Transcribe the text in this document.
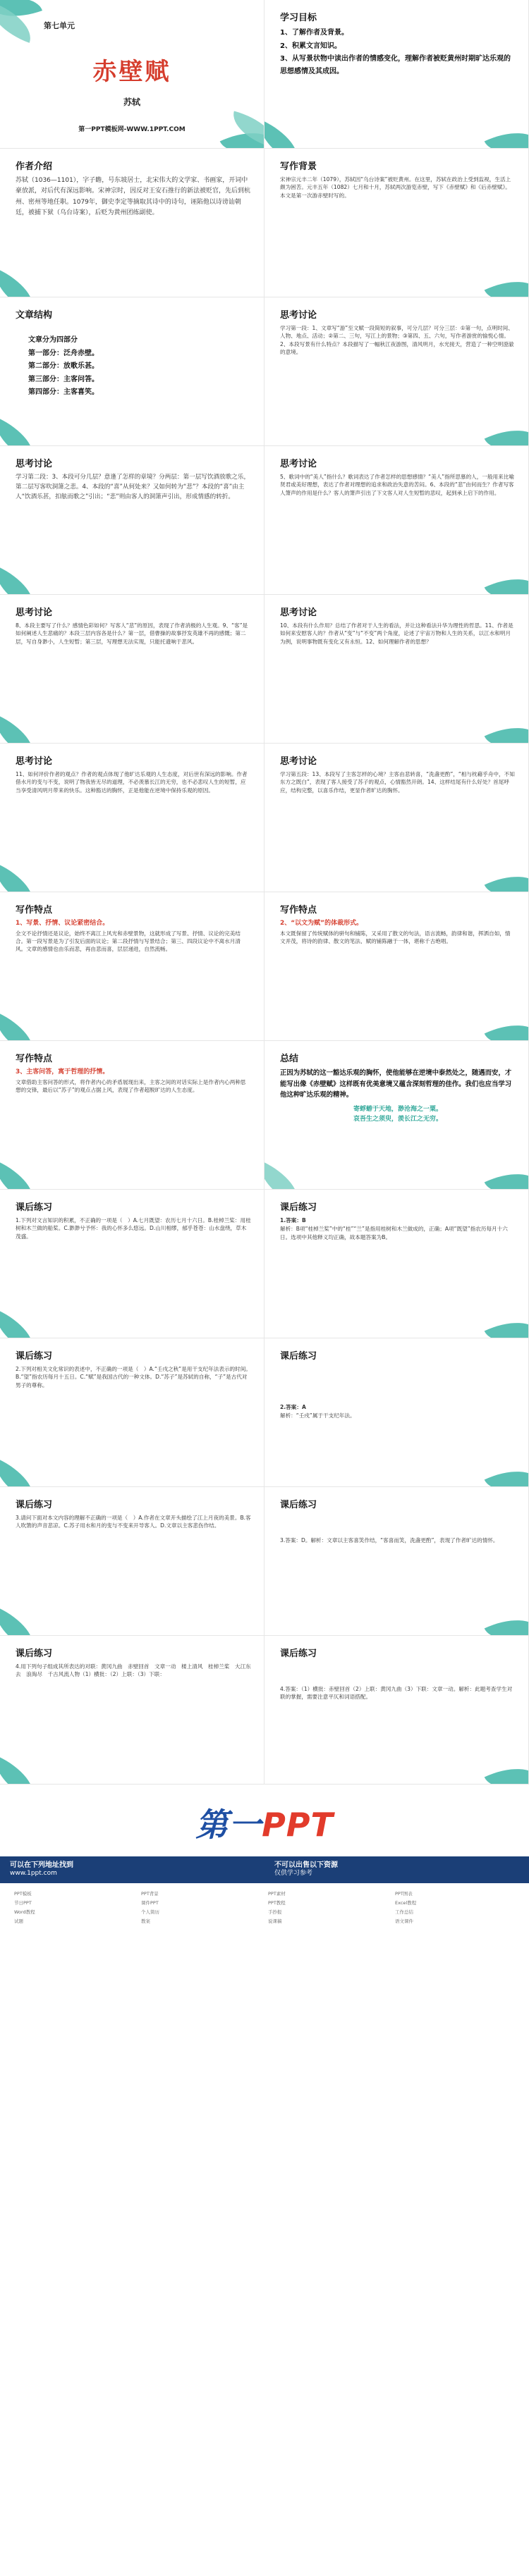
第七单元
赤壁赋
苏轼
第一PPT模板网-WWW.1PPT.COM
学习目标

1、了解作者及背景。

2、积累文言知识。

3、从写景状物中读出作者的情感变化，理解作者被贬黄州时期旷达乐观的思想感情及其成因。

作者介绍

苏轼（1036—1101），字子瞻，号东坡居士，北宋伟大的文学家、书画家，开词中豪放派，对后代有深远影响。宋神宗时，因反对王安石推行的新法被贬官，先后到杭州、密州等地任职。1079年，御史李定等摘取其诗中的诗句，诬陷他以诗谤讪朝廷，被捕下狱（乌台诗案），后贬为黄州团练副使。

写作背景

宋神宗元丰二年（1079），苏轼因“乌台诗案”被贬黄州。在这里，苏轼在政治上受到监视，生活上颇为困苦。元丰五年（1082）七月和十月，苏轼两次游览赤壁，写下《赤壁赋》和《后赤壁赋》。本文是第一次游赤壁时写的。

文章结构

文章分为四部分

第一部分：泛舟赤壁。

第二部分：放歌乐甚。

第三部分：主客问答。

第四部分：主客喜笑。

思考讨论

学习第一段：1、文章写“游”至文赋一段简短的叙事，可分几层？可分三层：①第一句，点明时间、人物、地点、活动；②第二、三句，写江上的景物；③第四、五、六句，写作者游赏的愉悦心情。2、本段写景有什么特点？本段描写了一幅秋江夜游图，清风明月，水光接天，营造了一种空明澄澈的意境。

思考讨论

学习第二段：3、本段可分几层？意逢了怎样的章境？分两层：第一层写饮酒放歌之乐，第二层写客吹洞箫之悲。4、本段的“喜”从何处来？又如何转为“悲”？本段的“喜”由主人“饮酒乐甚，扣舷而歌之”引出；“悲”则由客人的洞箫声引出，形成情感的转折。

思考讨论

5、歌词中的“美人”指什么？歌词表达了作者怎样的思想感情？“美人”指所思慕的人，一般用来比喻贤君或美好理想，表达了作者对理想的追求和政治失意的苦闷。6、本段的“悲”由何而生？作者写客人箫声的作用是什么？客人的箫声引出了下文客人对人生短暂的悲叹，起到承上启下的作用。

思考讨论

8、本段主要写了什么？感情色彩如何？写客人“悲”的原因，表现了作者消极的人生观。9、“客”是如何阐述人生悲痛的？本段三层内容各是什么？第一层，借曹操的故事抒发英雄不再的感慨；第二层，写自身渺小，人生短暂；第三层，写理想无法实现，只能托遗响于悲风。

思考讨论

10、本段有什么作用？总结了作者对于人生的看法，并让这种看法升华为理性的哲思。11、作者是如何来安慰客人的？作者从“变”与“不变”两个角度，论述了宇宙万物和人生的关系，以江水和明月为例，说明事物既有变化又有永恒。12、如何理解作者的思想？

思考讨论

11、如何评价作者的观点？作者的观点体现了他旷达乐观的人生态度，对后世有深远的影响。作者借水月的变与不变，说明了物我皆无尽的道理，不必羡慕长江的无穷，也不必悲叹人生的短暂，应当享受清风明月带来的快乐。这种豁达的胸怀，正是他能在逆境中保持乐观的原因。

思考讨论

学习第五段：13、本段写了主客怎样的心境？主客由悲转喜，“洗盏更酌”，“相与枕藉乎舟中，不知东方之既白”，表现了客人接受了苏子的观点，心情豁然开朗。14、这样结尾有什么好处？首尾呼应，结构完整，以喜乐作结，更显作者旷达的胸怀。

写作特点

1、写景、抒情、议论紧密结合。

全文不论抒情还是议论，始终不离江上风光和赤壁景物，这就形成了写景、抒情、议论的完美结合。第一段写景是为了引发后面的议论；第二段抒情与写景结合；第三、四段议论中不离水月清风。文章的感情也由乐而悲，再由悲而喜，层层递进，自然流畅。

写作特点

2、“以文为赋”的体裁形式。

本文既保留了传统赋体的骈句和铺陈，又采用了散文的句法，语言流畅，韵律和谐，挥洒自如，情文并茂，将诗的韵律、散文的笔法、赋的铺陈融于一体，堪称千古绝唱。

写作特点

3、主客问答，寓于哲理的抒情。

文章借助主客问答的形式，将作者内心的矛盾展现出来，主客之间的对话实际上是作者内心两种思想的交锋，最后以“苏子”的观点占据上风，表现了作者超脱旷达的人生态度。

总结

正因为苏轼的这一豁达乐观的胸怀，使他能够在逆境中泰然处之，随遇而安，才能写出像《赤壁赋》这样既有优美意境又蕴含深刻哲理的佳作。我们也应当学习他这种旷达乐观的精神。

寄蜉蝣于天地，渺沧海之一粟。

哀吾生之须臾，羡长江之无穷。

课后练习

1.下列对文言知识的积累，不正确的一项是（　）A.七月既望：农历七月十六日。B.桂棹兰桨：用桂树和木兰做的船桨。C.渺渺兮予怀：我的心怀多么悠远。D.山川相缪，郁乎苍苍：山水盘绕，草木茂盛。

课后练习

1.答案：B

解析：B项“桂棹兰桨”中的“桂”“兰”是指用桂树和木兰做成的，正确；A项“既望”指农历每月十六日。选项中其他释义均正确，故本题答案为B。

课后练习

2.下列对相关文化常识的表述中，不正确的一项是（　）A.“壬戌之秋”是用干支纪年法表示的时间。B.“望”指农历每月十五日。C.“赋”是我国古代的一种文体。D.“苏子”是苏轼的自称，“子”是古代对男子的尊称。

课后练习

2.答案：A

解析：“壬戌”属于干支纪年法。

课后练习

3.请问下面对本文内容的理解不正确的一项是（　）A.作者在文章开头描绘了江上月夜的美景。B.客人吹箫的声音悲凉。C.苏子用水和月的变与不变来开导客人。D.文章以主客悲伤作结。

课后练习

3.答案：D。解析：文章以主客喜笑作结，“客喜而笑，洗盏更酌”，表现了作者旷达的情怀。

课后练习

4.用下列句子组成其所表达的对联：黄冈九曲　赤壁回首　文章一动　楼上清风　桂棹兰桨　大江东去　浪淘尽　千古风流人物（1）横批：（2）上联：（3）下联：

课后练习

4.答案：（1）横批：赤壁回首（2）上联：黄冈九曲（3）下联：文章一动。解析：此题考查学生对联的掌握，需要注意平仄和词语搭配。

第一PPT
可以在下列地址找到
www.1ppt.com
不可以出售以下资源
仅供学习参考
PPT模板	PPT背景	PPT素材	PPT图表
节日PPT	课件PPT	PPT教程	Excel教程
Word教程	个人简历	手抄报	工作总结
试题	教案	说课稿	语文课件
